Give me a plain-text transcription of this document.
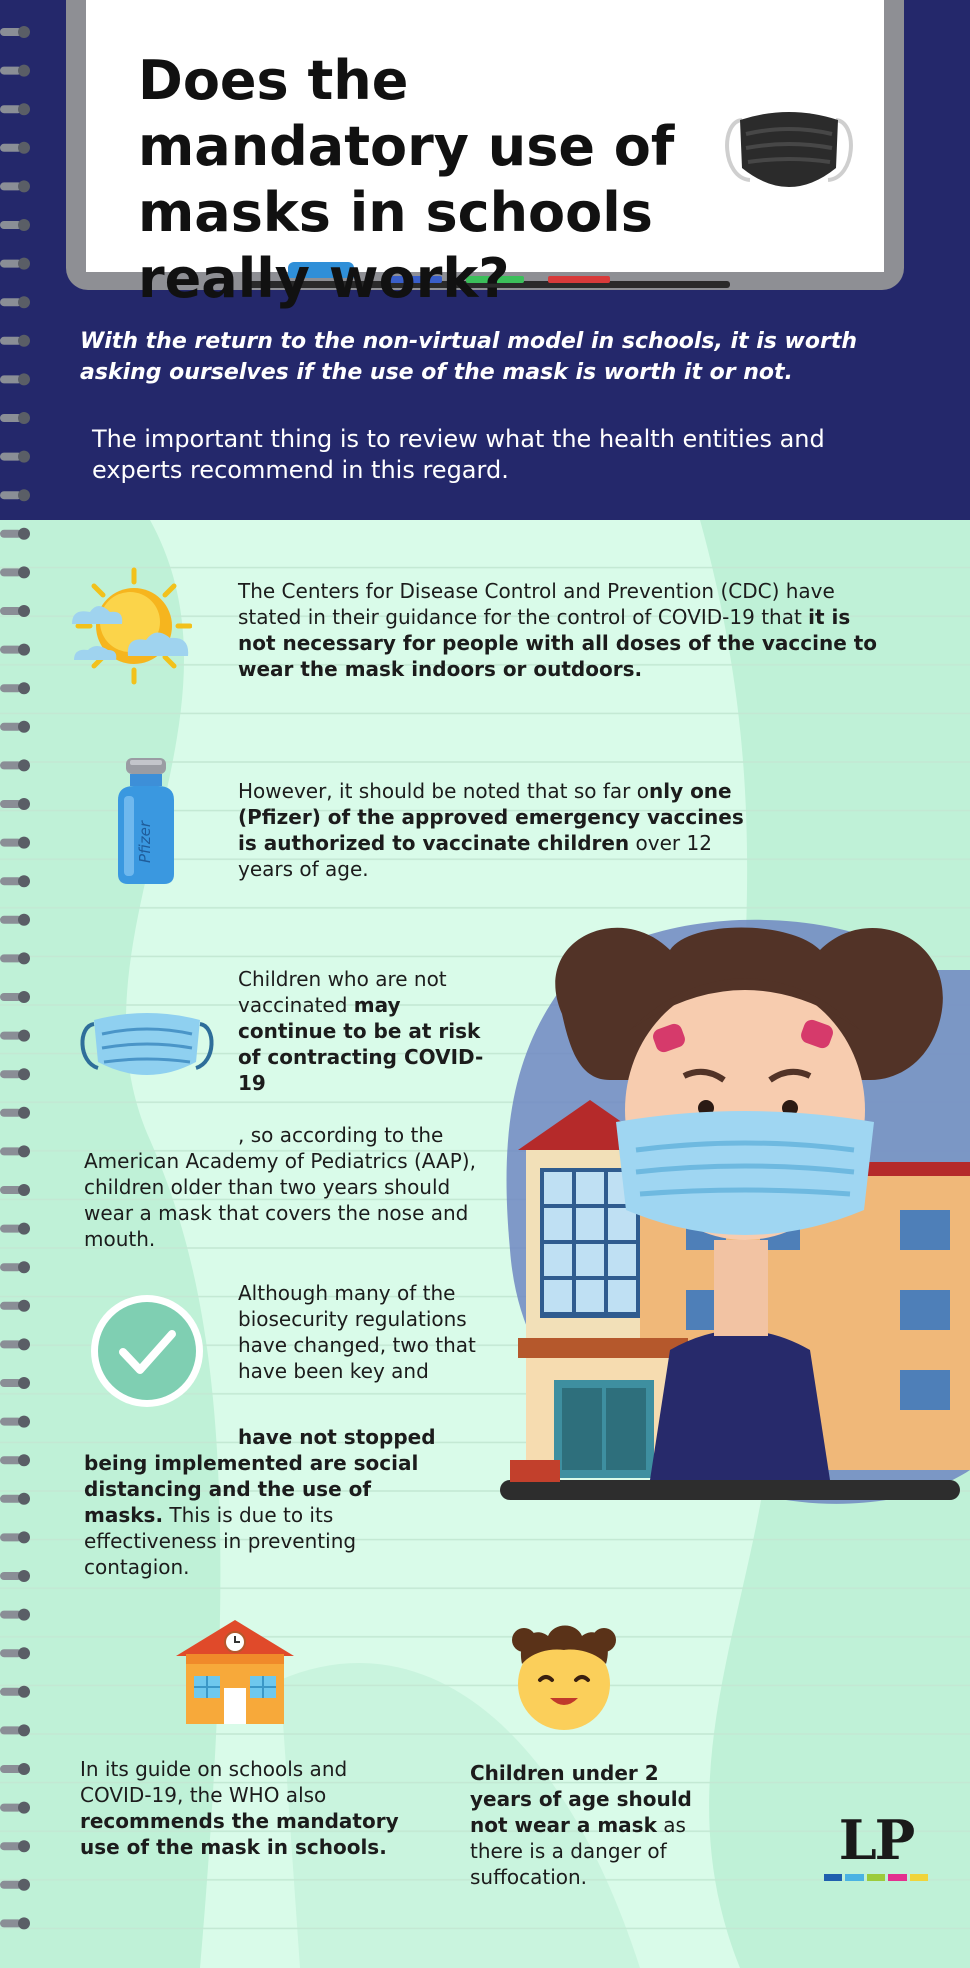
Does the mandatory use of masks in schools really work?

With the return to the non-virtual model in schools, it is worth asking ourselves if the use of the mask is worth it or not.

The important thing is to review what the health entities and experts recommend in this regard.

The Centers for Disease Control and Prevention (CDC) have stated in their guidance for the control of COVID-19 that it is not necessary for people with all doses of the vaccine to wear the mask indoors or outdoors.

Pfizer

However, it should be noted that so far only one (Pfizer) of the approved emergency vaccines is authorized to vaccinate children over 12 years of age.

Children who are not vaccinated may continue to be at risk of contracting COVID-19

, so according to the American Academy of Pediatrics (AAP), children older than two years should wear a mask that covers the nose and mouth.

Although many of the biosecurity regulations have changed, two that have been key and

have not stopped being implemented are social distancing and the use of masks. This is due to its effectiveness in preventing contagion.

In its guide on schools and COVID-19, the WHO also recommends the mandatory use of the mask in schools.

Children under 2 years of age should not wear a mask as there is a danger of suffocation.

LP
